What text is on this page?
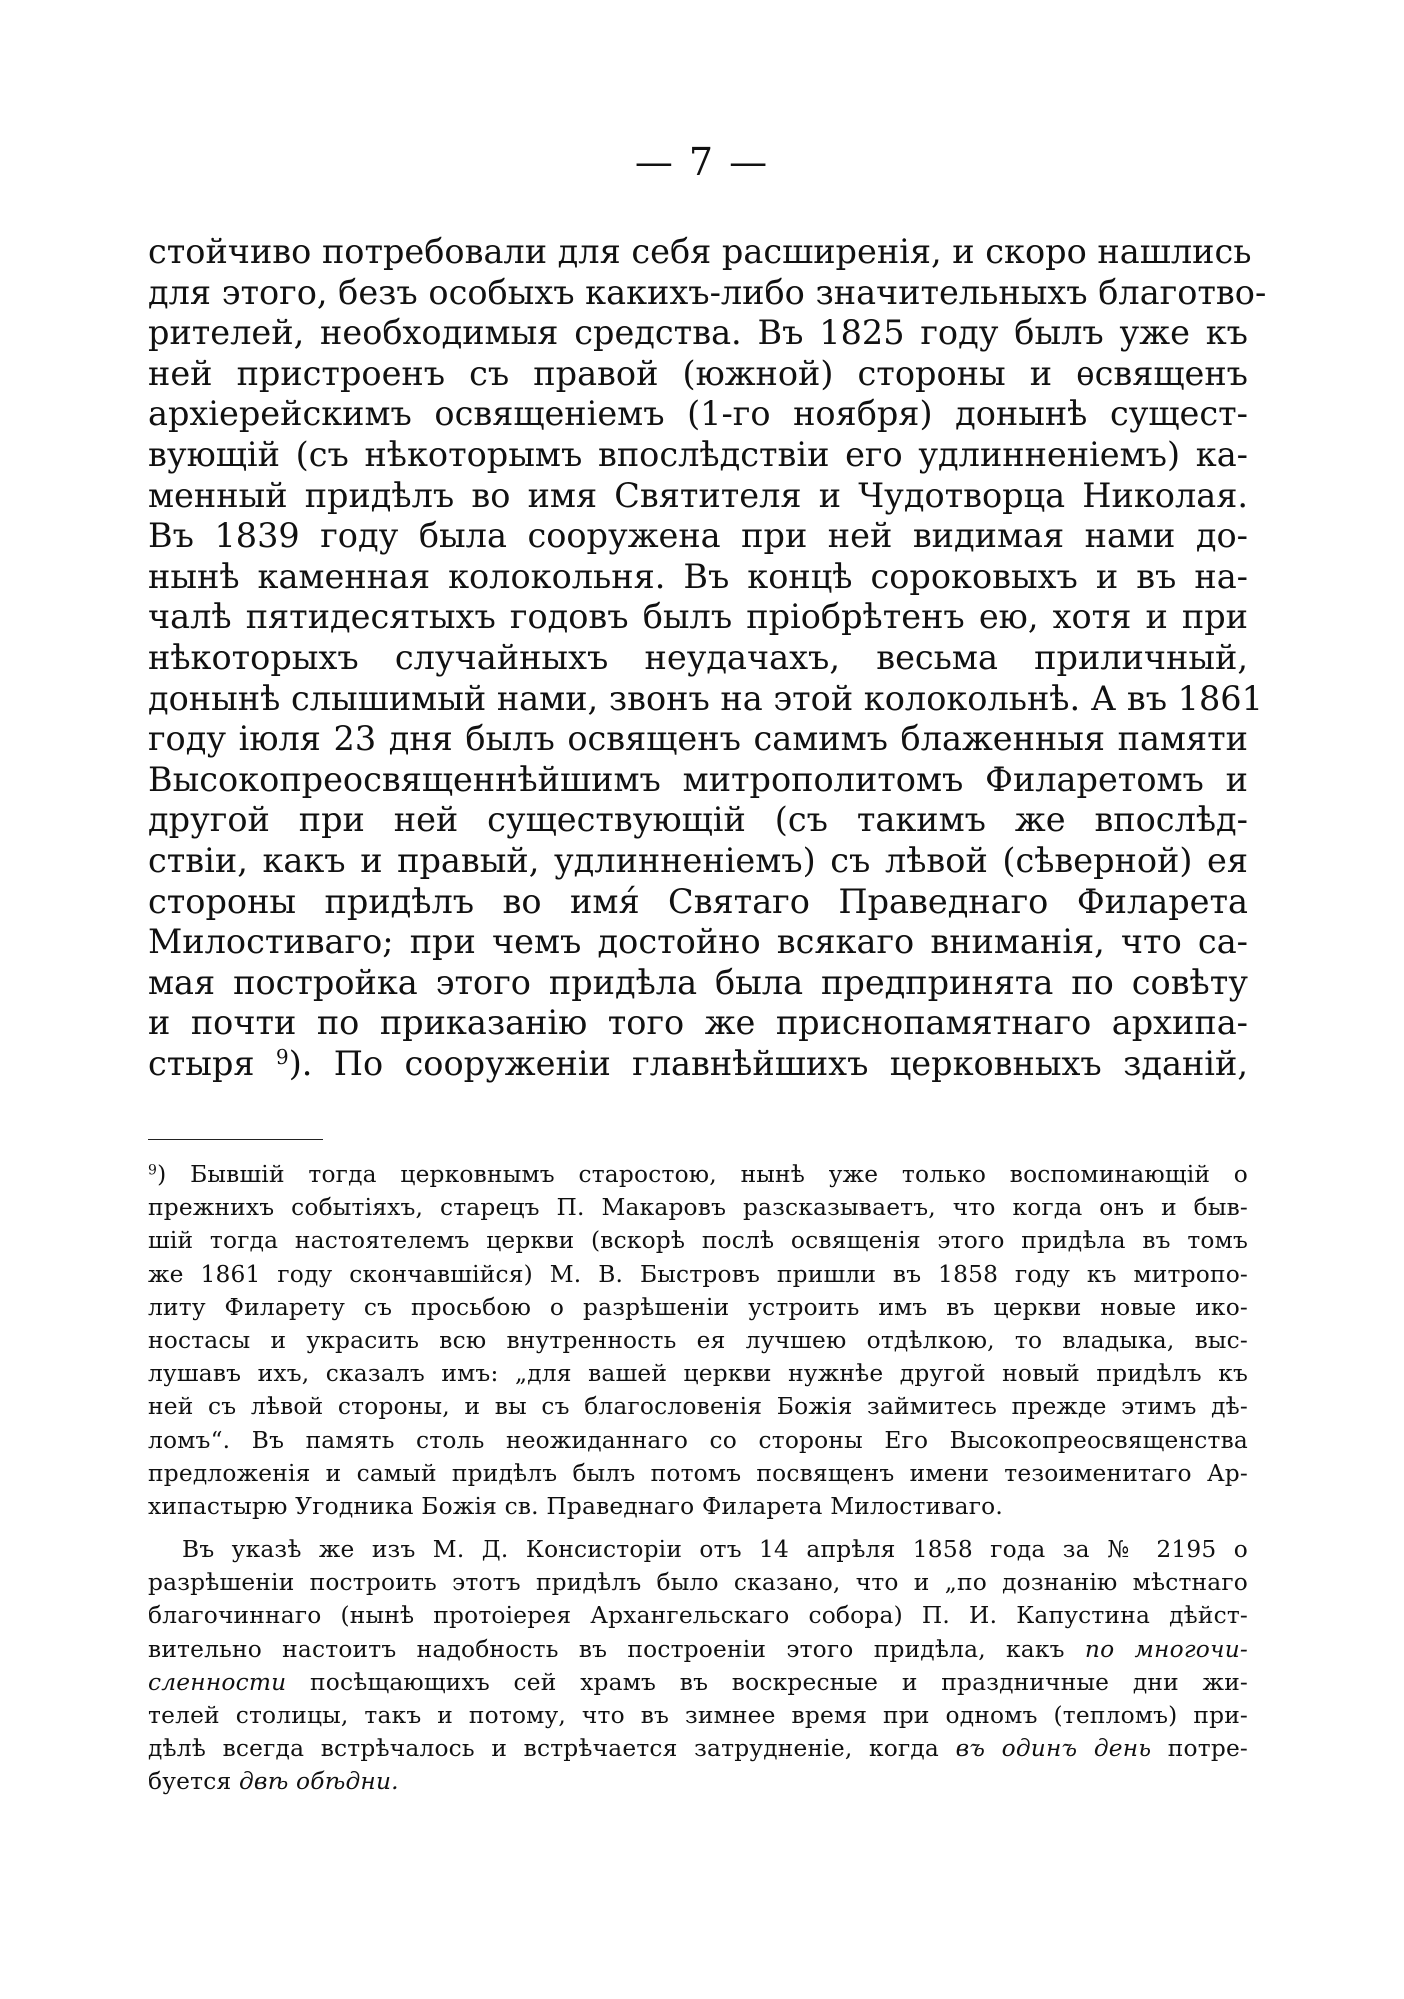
— 7 —
стойчиво потребовали для себя расширенія, и скоро нашлись
для этого, безъ особыхъ какихъ-либо значительныхъ благотво-
рителей, необходимыя средства. Въ 1825 году былъ уже къ
ней пристроенъ съ правой (южной) стороны и ѳсвященъ
архіерейскимъ освященіемъ (1-го ноября) донынѣ сущест-
вующій (съ нѣкоторымъ впослѣдствіи его удлинненіемъ) ка-
менный придѣлъ во имя Святителя и Чудотворца Николая.
Въ 1839 году была сооружена при ней видимая нами до-
нынѣ каменная колокольня. Въ концѣ сороковыхъ и въ на-
чалѣ пятидесятыхъ годовъ былъ пріобрѣтенъ ею, хотя и при
нѣкоторыхъ случайныхъ неудачахъ, весьма приличный,
донынѣ слышимый нами, звонъ на этой колокольнѣ. А въ 1861
году іюля 23 дня былъ освященъ самимъ блаженныя памяти
Высокопреосвященнѣйшимъ митрополитомъ Филаретомъ и
другой при ней существующій (съ такимъ же впослѣд-
ствіи, какъ и правый, удлинненіемъ) съ лѣвой (сѣверной) ея
стороны придѣлъ во имя́ Святаго Праведнаго Филарета
Милостиваго; при чемъ достойно всякаго вниманія, что са-
мая постройка этого придѣла была предпринята по совѣту
и почти по приказанію того же приснопамятнаго архипа-
стыря $^9$). По сооруженіи главнѣйшихъ церковныхъ зданій,
$^9$) Бывшій тогда церковнымъ старостою, нынѣ уже только воспоминающій о
прежнихъ событіяхъ, старецъ П. Макаровъ разсказываетъ, что когда онъ и быв-
шій тогда настоятелемъ церкви (вскорѣ послѣ освященія этого придѣла въ томъ
же 1861 году скончавшійся) М. В. Быстровъ пришли въ 1858 году къ митропо-
литу Филарету съ просьбою о разрѣшеніи устроить имъ въ церкви новые ико-
ностасы и украсить всю внутренность ея лучшею отдѣлкою, то владыка, выс-
лушавъ ихъ, сказалъ имъ: „для вашей церкви нужнѣе другой новый придѣлъ къ
ней съ лѣвой стороны, и вы съ благословенія Божія займитесь прежде этимъ дѣ-
ломъ“. Въ память столь неожиданнаго со стороны Его Высокопреосвященства
предложенія и самый придѣлъ былъ потомъ посвященъ имени тезоименитаго Ар-
хипастырю Угодника Божія св. Праведнаго Филарета Милостиваго.
Въ указѣ же изъ М. Д. Консисторіи отъ 14 апрѣля 1858 года за № 2195 о
разрѣшеніи построить этотъ придѣлъ было сказано, что и „по дознанію мѣстнаго
благочиннаго (нынѣ протоіерея Архангельскаго собора) П. И. Капустина дѣйст-
вительно настоитъ надобность въ построеніи этого придѣла, какъ по многочи-
сленности посѣщающихъ сей храмъ въ воскресные и праздничные дни жи-
телей столицы, такъ и потому, что въ зимнее время при одномъ (тепломъ) при-
дѣлѣ всегда встрѣчалось и встрѣчается затрудненіе, когда въ одинъ день потре-
буется двѣ обѣдни.
